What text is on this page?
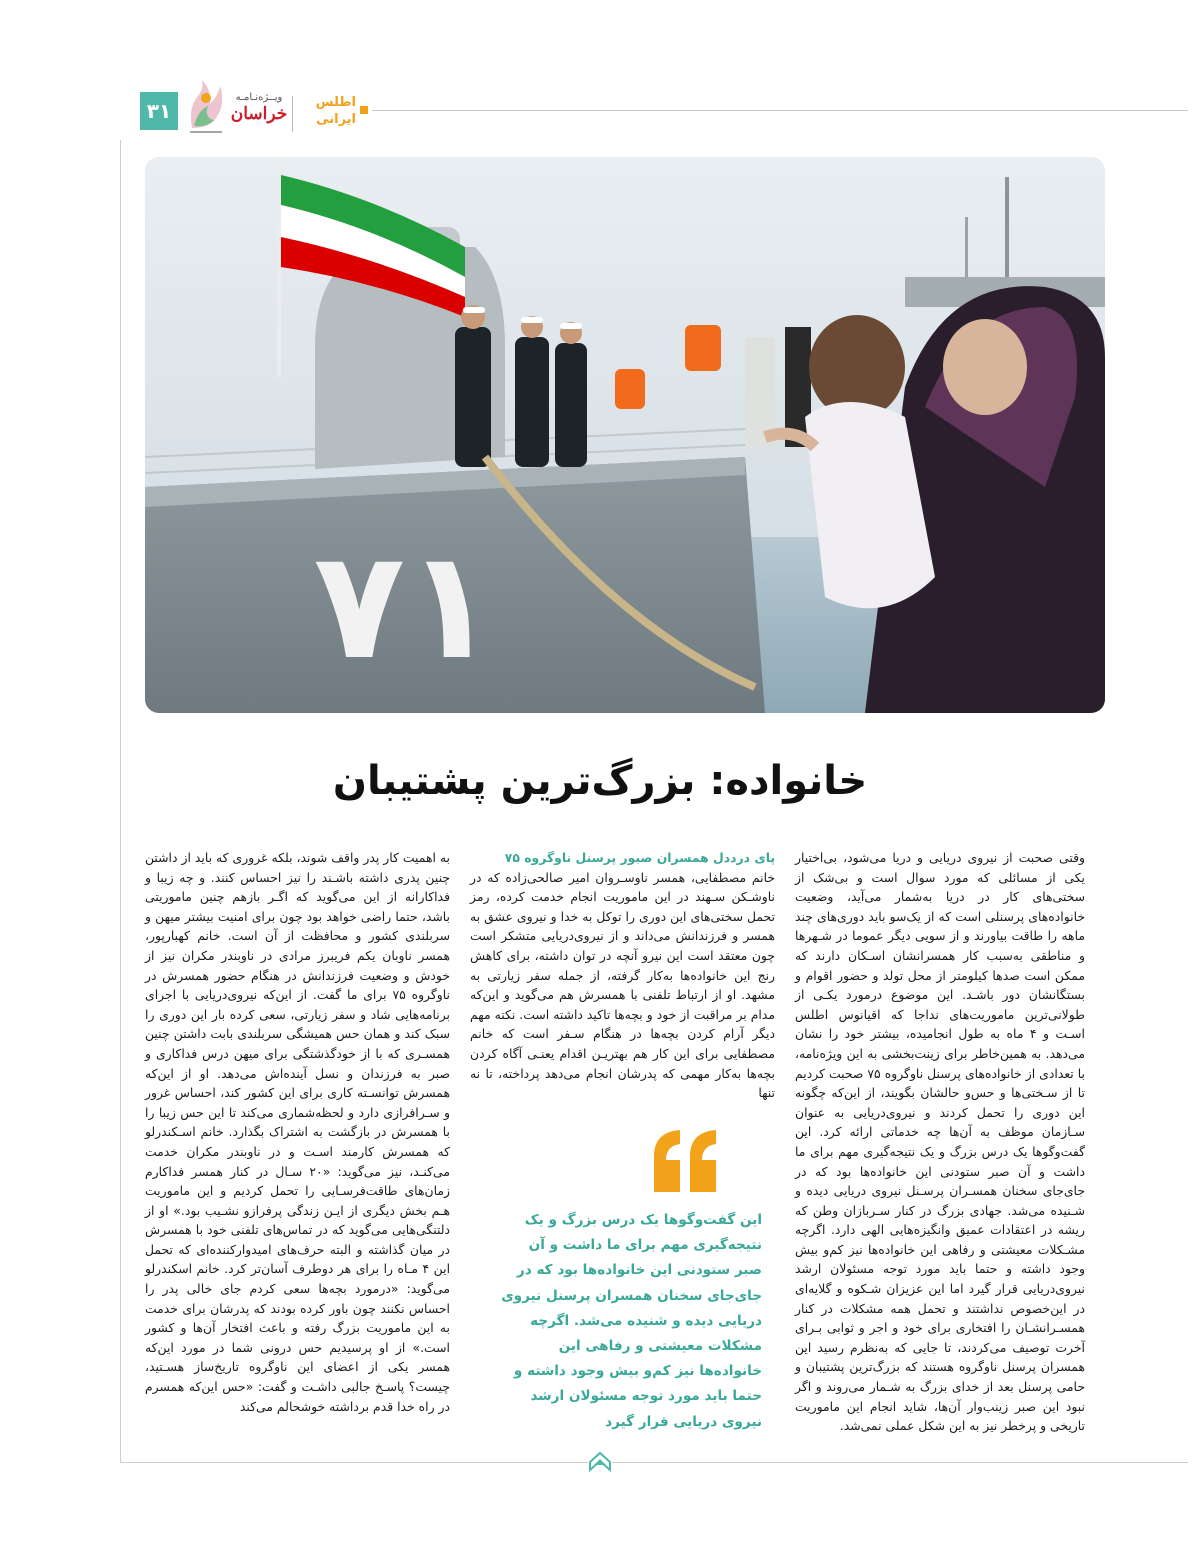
۳۱
ویــژه‌نـامـه
خراسان
اطلس
ایرانی
۷۱
خانواده: بزرگ‌ترین پشتیبان
وقتی صحبت از نیروی دریایی و دریا می‌شود، بی‌اختیار یکی از مسائلی که مورد سوال است و بی‌شک از سختی‌های کار در دریا به‌شمار می‌آید، وضعیت خانواده‌های پرسنلی است که از یک‌سو باید دوری‌های چند ماهه را طاقت بیاورند و از سویی دیگر عموما در شـهرها و مناطقی به‌سبب کار همسرانشان اسـکان دارند که ممکن است صدها کیلومتر از محل تولد و حضور اقوام و بستگانشان دور باشـد. این موضوع درمورد یکـی از طولانی‌ترین ماموریت‌های نداجا که اقیانوس اطلس اسـت و ۴ ماه به طول انجامیده، بیشتر خود را نشان می‌دهد. به همین‌خاطر برای زینت‌بخشی به این ویژه‌نامه، با تعدادی از خانواده‌های پرسنل ناوگروه ۷۵ صحبت کردیم تا از سـختی‌ها و حس‌و حالشان بگویند، از این‌که چگونه این دوری را تحمل کردند و نیروی‌دریایی به عنوان سـازمان موظف به آن‌ها چه خدماتی ارائه کرد. این گفت‌وگوها یک درس بزرگ و یک نتیجه‌گیری مهم برای ما داشت و آن صبر ستودنی این خانواده‌ها بود که در جای‌جای سخنان همسـران پرسـنل نیروی دریایی دیده و شـنیده می‌شد. جهادی بزرگ در کنار سـربازان وطن که ریشه در اعتقادات عمیق وانگیزه‌هایی الهی دارد. اگرچه مشـکلات معیشتی و رفاهی این خانواده‌ها نیز کم‌و بیش وجود داشته و حتما باید مورد توجه مسئولان ارشد نیروی‌دریایی قرار گیرد اما این عزیزان شـکوه و گلایه‌ای در این‌خصوص نداشتند و تحمل همه مشکلات در کنار همسـرانشـان را افتخاری برای خود و اجر و ثوابی بـرای آخرت توصیف می‌کردند، تا جایی که به‌نظرم رسید این همسران پرسنل ناوگروه هستند که بزرگ‌ترین پشتیبان و حامی پرسنل بعد از خدای بزرگ به شـمار می‌روند و اگر نبود این صبر زینب‌وار آن‌ها، شاید انجام این ماموریت تاریخی و پرخطر نیز به این شکل عملی نمی‌شد.
پای درددل همسران صبور پرسنل ناوگروه ۷۵
خانم مصطفایی، همسر ناوسـروان امیر صالحی‌زاده که در ناوشـکن سـهند در این ماموریت انجام خدمت کرده، رمز تحمل سختی‌های این دوری را توکل به خدا و نیروی عشق به همسر و فرزندانش می‌داند و از نیروی‌دریایی متشکر است چون معتقد است این نیرو آنچه در توان داشته، برای کاهش رنج این خانواده‌ها به‌کار گرفته، از جمله سفر زیارتی به مشهد. او از ارتباط تلفنی با همسرش هم می‌گوید و این‌که مدام بر مراقبت از خود و بچه‌ها تاکید داشته است. نکته مهم دیگر آرام کردن بچه‌ها در هنگام سـفر است که خانم مصطفایی برای این کار هم بهتریـن اقدام یعنـی آگاه کردن بچه‌ها به‌کار مهمی که پدرشان انجام می‌دهد پرداخته، تا نه تنها
به اهمیت کار پدر واقف شوند، بلکه غروری که باید از داشتن چنین پدری داشته باشـند را نیز احساس کنند. و چه زیبا و فداکارانه از این می‌گوید که اگـر بازهم چنین ماموریتی باشد، حتما راضی خواهد بود چون برای امنیت بیشتر میهن و سربلندی کشور و محافظت از آن است. خانم کهبارپور، همسر ناوبان یکم فریبرز مرادی در ناوبندر مکران نیز از خودش و وضعیت فرزندانش در هنگام حضور همسرش در ناوگروه ۷۵ برای ما گفت. از این‌که نیروی‌دریایی با اجرای برنامه‌هایی شاد و سفر زیارتی، سعی کرده بار این دوری را سبک کند و همان حس همیشگی سربلندی بابت داشتن چنین همسـری که با از خودگذشتگی برای میهن درس فداکاری و صبر به فرزندان و نسل آینده‌اش می‌دهد. او از این‌که همسرش توانسـته کاری برای این کشور کند، احساس غرور و سـرافرازی دارد و لحظه‌شماری می‌کند تا این حس زیبا را با همسرش در بازگشت به اشتراک بگذارد. خانم اسـکندرلو که همسرش کارمند اسـت و در ناوبندر مکران خدمت می‌کنـد، نیز می‌گوید: «۲۰ سـال در کنار همسر فداکارم زمان‌های طاقت‌فرسـایی را تحمل کردیم و این ماموریت هـم بخش دیگری از ایـن زندگی پرفرازو نشـیب بود.» او از دلتنگی‌هایی می‌گوید که در تماس‌های تلفنی خود با همسرش در میان گذاشته و البته حرف‌های امیدوارکننده‌ای که تحمل این ۴ مـاه را برای هر دوطرف آسان‌تر کرد. خانم اسکندرلو می‌گوید: «درمورد بچه‌ها سعی کردم جای خالی پدر را احساس نکنند چون باور کرده بودند که پدرشان برای خدمت به این ماموریت بزرگ رفته و باعث افتخار آن‌ها و کشور است.» از او پرسیدیم حس درونی شما در مورد این‌که همسر یکی از اعضای این ناوگروه تاریخ‌ساز هسـتید، چیست؟ پاسـخ جالبی داشـت و گفت: «حس این‌که همسرم در راه خدا قدم برداشته خوشحالم می‌کند
این گفت‌وگوها یک درس بزرگ و یک نتیجه‌گیری مهم برای ما داشت و آن صبر ستودنی این خانواده‌ها بود که در جای‌جای سخنان همسران پرسنل نیروی دریایی دیده و شنیده می‌شد. اگرچه مشکلات معیشتی و رفاهی این خانواده‌ها نیز کم‌و بیش وجود داشته و حتما باید مورد توجه مسئولان ارشد نیروی دریایی قرار گیرد
